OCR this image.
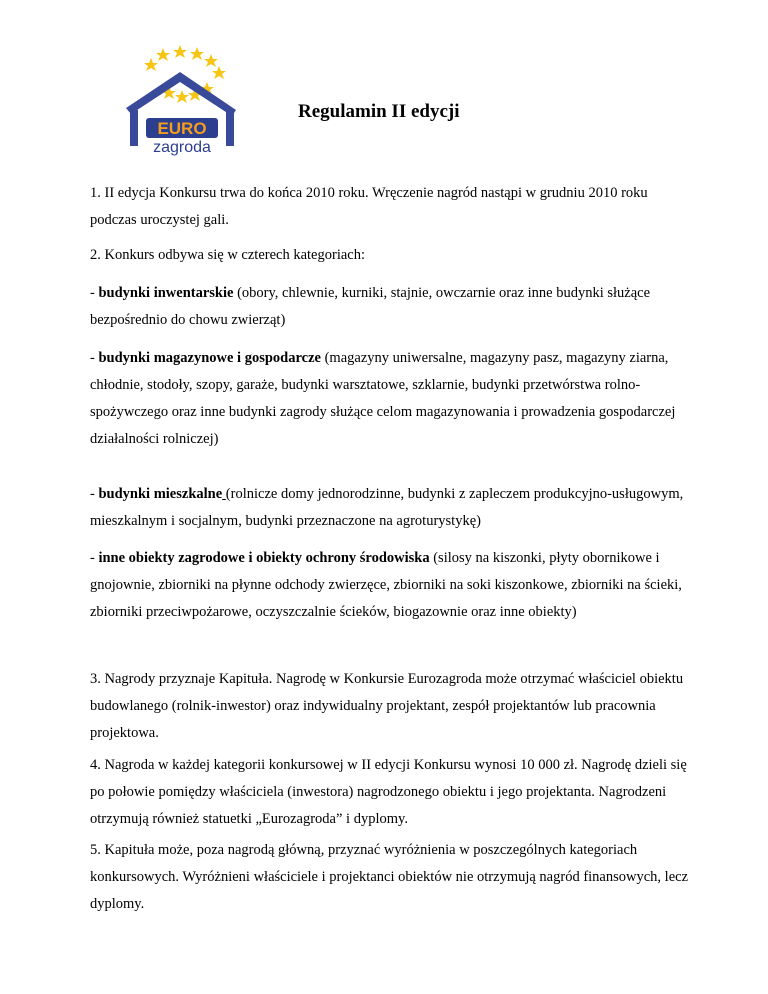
EURO
zagroda
Regulamin II edycji

1. II edycja Konkursu trwa do końca 2010 roku. Wręczenie nagród nastąpi w grudniu 2010 roku podczas uroczystej gali.

2. Konkurs odbywa się w czterech kategoriach:

- budynki inwentarskie (obory, chlewnie, kurniki, stajnie, owczarnie oraz inne budynki służące bezpośrednio do chowu zwierząt)

- budynki magazynowe i gospodarcze (magazyny uniwersalne, magazyny pasz, magazyny ziarna, chłodnie, stodoły, szopy, garaże, budynki warsztatowe, szklarnie, budynki przetwórstwa rolno-spożywczego oraz inne budynki zagrody służące celom magazynowania i prowadzenia gospodarczej działalności rolniczej)

- budynki mieszkalne (rolnicze domy jednorodzinne, budynki z zapleczem produkcyjno-usługowym, mieszkalnym i socjalnym, budynki przeznaczone na agroturystykę)

- inne obiekty zagrodowe i obiekty ochrony środowiska (silosy na kiszonki, płyty obornikowe i gnojownie, zbiorniki na płynne odchody zwierzęce, zbiorniki na soki kiszonkowe, zbiorniki na ścieki, zbiorniki przeciwpożarowe, oczyszczalnie ścieków, biogazownie oraz inne obiekty)

3. Nagrody przyznaje Kapituła. Nagrodę w Konkursie Eurozagroda może otrzymać właściciel obiektu budowlanego (rolnik-inwestor) oraz indywidualny projektant, zespół projektantów lub pracownia projektowa.

4. Nagroda w każdej kategorii konkursowej w II edycji Konkursu wynosi 10 000 zł. Nagrodę dzieli się po połowie pomiędzy właściciela (inwestora) nagrodzonego obiektu i jego projektanta. Nagrodzeni otrzymują również statuetki „Eurozagroda” i dyplomy.

5. Kapituła może, poza nagrodą główną, przyznać wyróżnienia w poszczególnych kategoriach konkursowych. Wyróżnieni właściciele i projektanci obiektów nie otrzymują nagród finansowych, lecz dyplomy.
